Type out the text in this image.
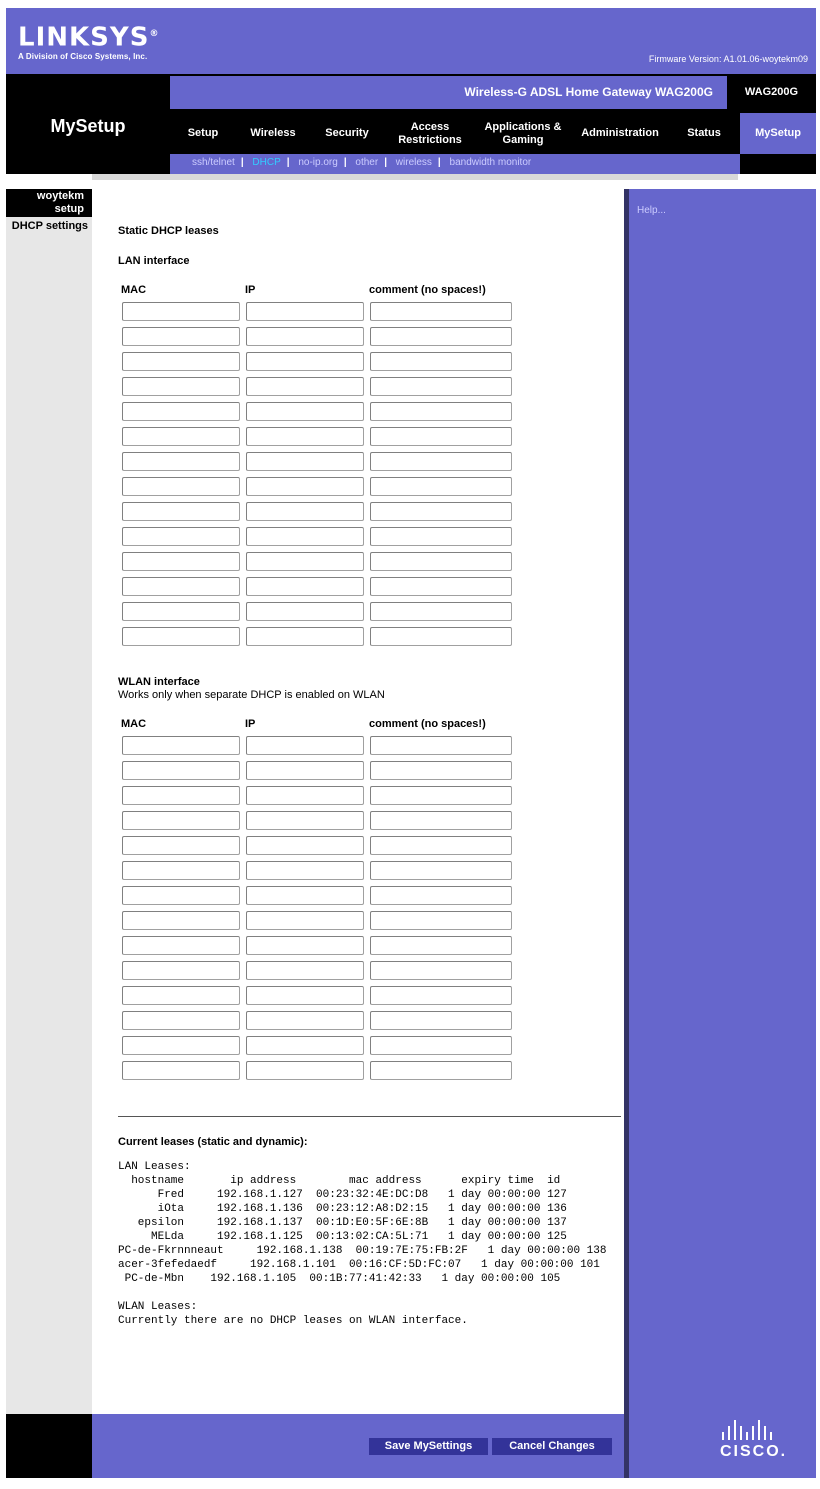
LINKSYS®
A Division of Cisco Systems, Inc.	Firmware Version: A1.01.06-woytekm09
MySetup
Wireless-G ADSL Home Gateway WAG200G	WAG200G
Setup	Wireless	Security
Access Restrictions
Applications & Gaming
Administration	Status	MySetup
ssh/telnet | DHCP | no-ip.org | other | wireless | bandwidth monitor
woytekm setup
DHCP settings
Help...
Static DHCP leases
LAN interface
MAC	IP	comment (no spaces!)
WLAN interface
Works only when separate DHCP is enabled on WLAN
MAC	IP	comment (no spaces!)
Current leases (static and dynamic):
LAN Leases:
hostname       ip address        mac address      expiry time  id
Fred     192.168.1.127  00:23:32:4E:DC:D8   1 day 00:00:00 127
iOta     192.168.1.136  00:23:12:A8:D2:15   1 day 00:00:00 136
epsilon     192.168.1.137  00:1D:E0:5F:6E:8B   1 day 00:00:00 137
MELda     192.168.1.125  00:13:02:CA:5L:71   1 day 00:00:00 125
PC-de-Fkrnnneaut     192.168.1.138  00:19:7E:75:FB:2F   1 day 00:00:00 138
acer-3fefedaedf     192.168.1.101  00:16:CF:5D:FC:07   1 day 00:00:00 101
PC-de-Mbn    192.168.1.105  00:1B:77:41:42:33   1 day 00:00:00 105

WLAN Leases:
Currently there are no DHCP leases on WLAN interface.
Save MySettings	Cancel Changes	CISCO.
